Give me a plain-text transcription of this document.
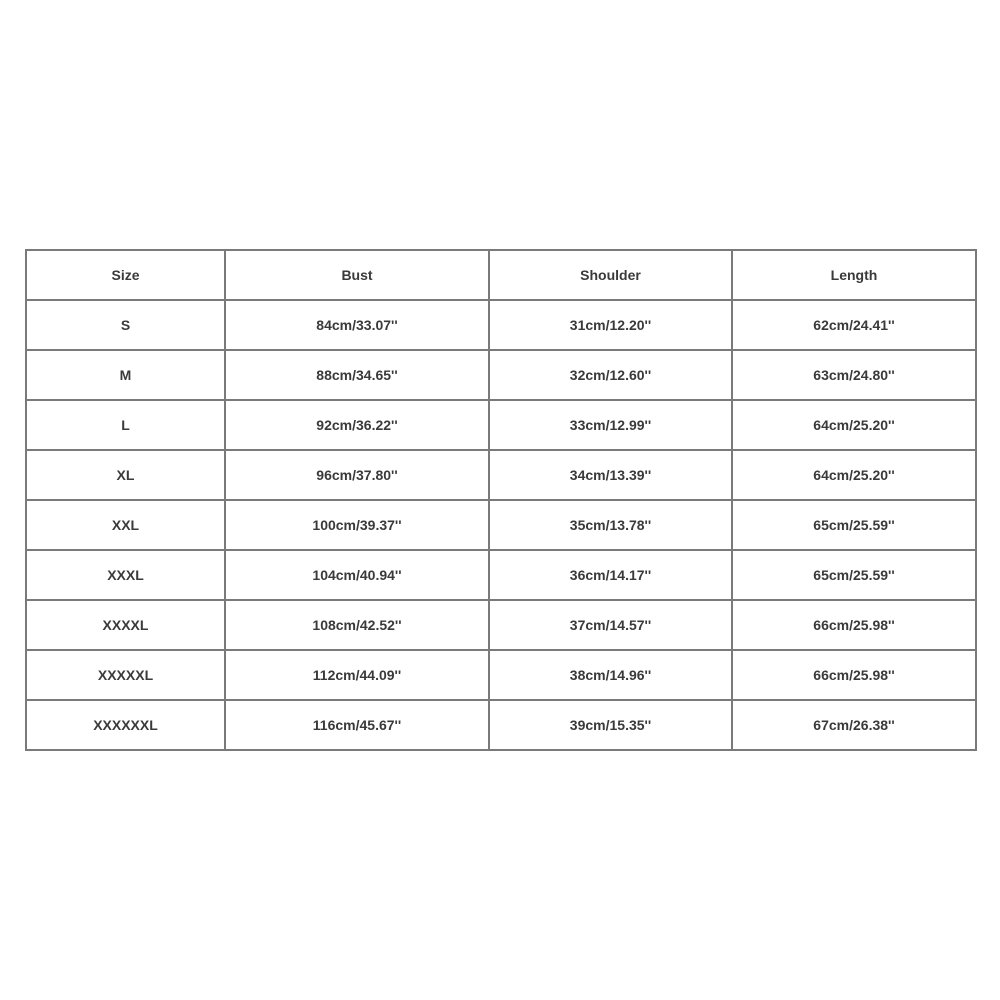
Size	Bust	Shoulder	Length
S	84cm/33.07''	31cm/12.20''	62cm/24.41''
M	88cm/34.65''	32cm/12.60''	63cm/24.80''
L	92cm/36.22''	33cm/12.99''	64cm/25.20''
XL	96cm/37.80''	34cm/13.39''	64cm/25.20''
XXL	100cm/39.37''	35cm/13.78''	65cm/25.59''
XXXL	104cm/40.94''	36cm/14.17''	65cm/25.59''
XXXXL	108cm/42.52''	37cm/14.57''	66cm/25.98''
XXXXXL	112cm/44.09''	38cm/14.96''	66cm/25.98''
XXXXXXL	116cm/45.67''	39cm/15.35''	67cm/26.38''
